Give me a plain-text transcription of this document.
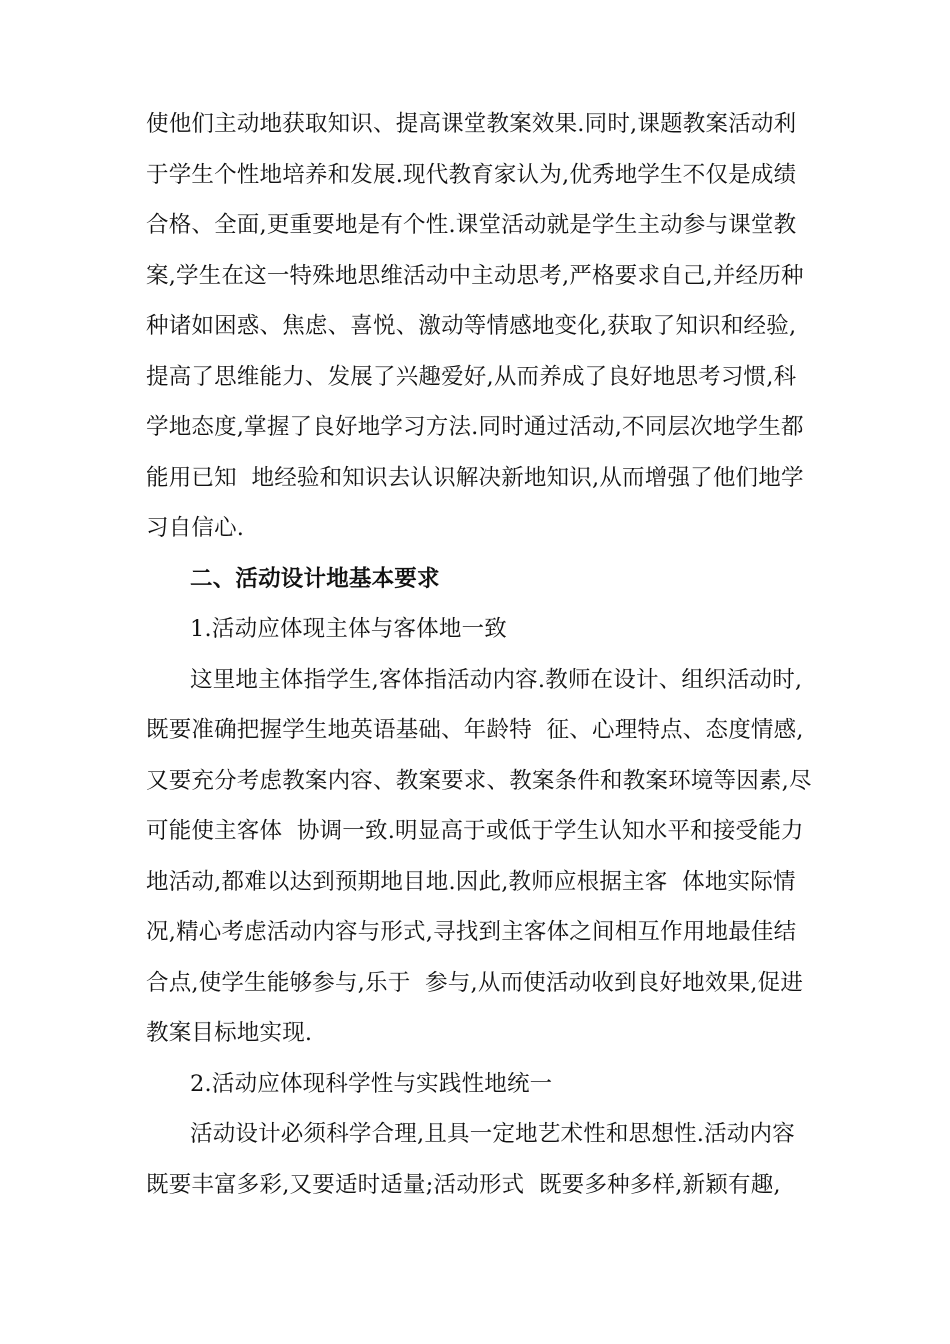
使他们主动地获取知识、提高课堂教案效果.同时,课题教案活动利
于学生个性地培养和发展.现代教育家认为,优秀地学生不仅是成绩
合格、全面,更重要地是有个性.课堂活动就是学生主动参与课堂教
案,学生在这一特殊地思维活动中主动思考,严格要求自己,并经历种
种诸如困惑、焦虑、喜悦、激动等情感地变化,获取了知识和经验,
提高了思维能力、发展了兴趣爱好,从而养成了良好地思考习惯,科
学地态度,掌握了良好地学习方法.同时通过活动,不同层次地学生都
能用已知  地经验和知识去认识解决新地知识,从而增强了他们地学
习自信心.
二、活动设计地基本要求
1.活动应体现主体与客体地一致
这里地主体指学生,客体指活动内容.教师在设计、组织活动时,
既要准确把握学生地英语基础、年龄特  征、心理特点、态度情感,
又要充分考虑教案内容、教案要求、教案条件和教案环境等因素,尽
可能使主客体  协调一致.明显高于或低于学生认知水平和接受能力
地活动,都难以达到预期地目地.因此,教师应根据主客  体地实际情
况,精心考虑活动内容与形式,寻找到主客体之间相互作用地最佳结
合点,使学生能够参与,乐于  参与,从而使活动收到良好地效果,促进
教案目标地实现.
2.活动应体现科学性与实践性地统一
活动设计必须科学合理,且具一定地艺术性和思想性.活动内容
既要丰富多彩,又要适时适量;活动形式  既要多种多样,新颖有趣,
